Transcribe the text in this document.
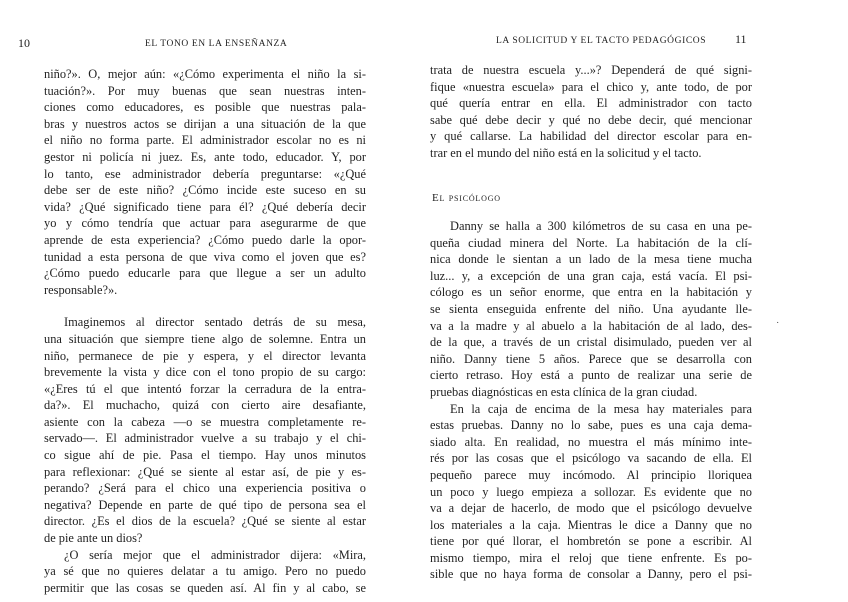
10	EL TONO EN LA ENSEÑANZA

niño?». O, mejor aún: «¿Cómo experimenta el niño la si-
tuación?». Por muy buenas que sean nuestras inten-
ciones como educadores, es posible que nuestras pala-
bras y nuestros actos se dirijan a una situación de la que
el niño no forma parte. El administrador escolar no es ni
gestor ni policía ni juez. Es, ante todo, educador. Y, por
lo tanto, ese administrador debería preguntarse: «¿Qué
debe ser de este niño? ¿Cómo incide este suceso en su
vida? ¿Qué significado tiene para él? ¿Qué debería decir
yo y cómo tendría que actuar para asegurarme de que
aprende de esta experiencia? ¿Cómo puedo darle la opor-
tunidad a esta persona de que viva como el joven que es?
¿Cómo puedo educarle para que llegue a ser un adulto
responsable?».

Imaginemos al director sentado detrás de su mesa,
una situación que siempre tiene algo de solemne. Entra un
niño, permanece de pie y espera, y el director levanta
brevemente la vista y dice con el tono propio de su cargo:
«¿Eres tú el que intentó forzar la cerradura de la entra-
da?». El muchacho, quizá con cierto aire desafiante,
asiente con la cabeza —o se muestra completamente re-
servado—. El administrador vuelve a su trabajo y el chi-
co sigue ahí de pie. Pasa el tiempo. Hay unos minutos
para reflexionar: ¿Qué se siente al estar así, de pie y es-
perando? ¿Será para el chico una experiencia positiva o
negativa? Depende en parte de qué tipo de persona sea el
director. ¿Es el dios de la escuela? ¿Qué se siente al estar
de pie ante un dios?

¿O sería mejor que el administrador dijera: «Mira,
ya sé que no quieres delatar a tu amigo. Pero no puedo
permitir que las cosas se queden así. Al fin y al cabo, se

LA SOLICITUD Y EL TACTO PEDAGÓGICOS 11

trata de nuestra escuela y...»? Dependerá de qué signi-
fique «nuestra escuela» para el chico y, ante todo, de por
qué quería entrar en ella. El administrador con tacto
sabe qué debe decir y qué no debe decir, qué mencionar
y qué callarse. La habilidad del director escolar para en-
trar en el mundo del niño está en la solicitud y el tacto.

El psicólogo

Danny se halla a 300 kilómetros de su casa en una pe-
queña ciudad minera del Norte. La habitación de la clí-
nica donde le sientan a un lado de la mesa tiene mucha
luz... y, a excepción de una gran caja, está vacía. El psi-
cólogo es un señor enorme, que entra en la habitación y
se sienta enseguida enfrente del niño. Una ayudante lle-
va a la madre y al abuelo a la habitación de al lado, des-
de la que, a través de un cristal disimulado, pueden ver al
niño. Danny tiene 5 años. Parece que se desarrolla con
cierto retraso. Hoy está a punto de realizar una serie de
pruebas diagnósticas en esta clínica de la gran ciudad.

En la caja de encima de la mesa hay materiales para
estas pruebas. Danny no lo sabe, pues es una caja dema-
siado alta. En realidad, no muestra el más mínimo inte-
rés por las cosas que el psicólogo va sacando de ella. El
pequeño parece muy incómodo. Al principio lloriquea
un poco y luego empieza a sollozar. Es evidente que no
va a dejar de hacerlo, de modo que el psicólogo devuelve
los materiales a la caja. Mientras le dice a Danny que no
tiene por qué llorar, el hombretón se pone a escribir. Al
mismo tiempo, mira el reloj que tiene enfrente. Es po-
sible que no haya forma de consolar a Danny, pero el psi-

˙
